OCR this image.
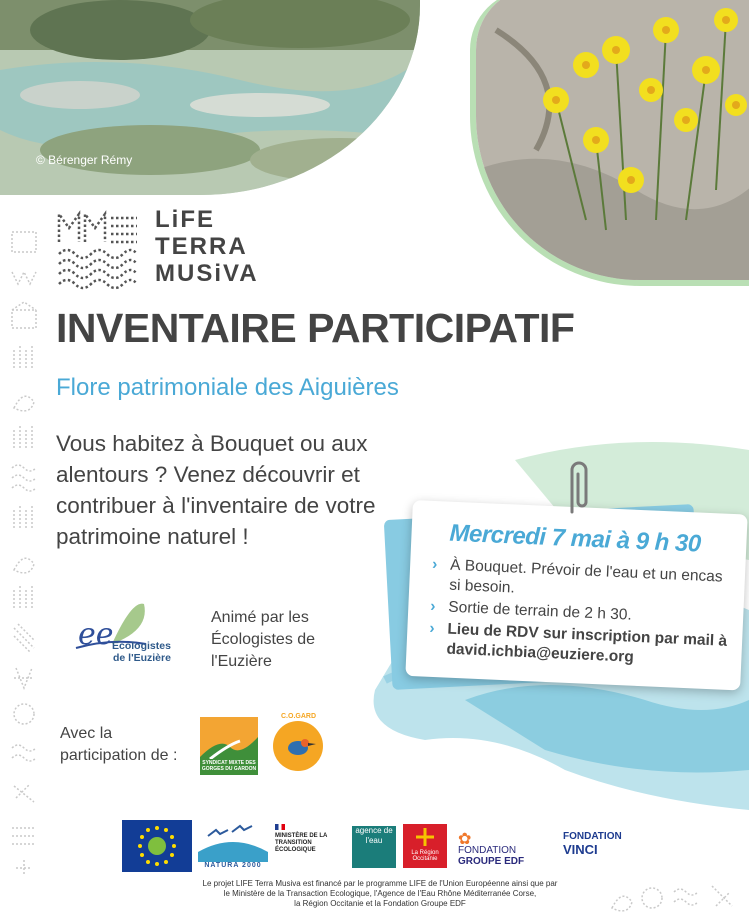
© Bérenger Rémy
LiFE
TERRA
MUSiVA
INVENTAIRE PARTICIPATIF
Flore patrimoniale des Aiguières
Vous habitez à Bouquet ou aux alentours ? Venez découvrir et contribuer à l'inventaire de votre patrimoine naturel !
ee
Ecologistes
de l'Euzière
Animé par les Écologistes de l'Euzière
Avec la participation de :	SYNDICAT MIXTE DES GORGES DU GARDON
C.O.GARD
Mercredi 7 mai à 9 h 30
› À Bouquet. Prévoir de l'eau et un encas si besoin.
› Sortie de terrain de 2 h 30.
› Lieu de RDV sur inscription par mail à david.ichbia@euziere.org
NATURA 2000
MINISTÈRE DE LA TRANSITION ÉCOLOGIQUE
agence de l'eau
La Région Occitanie
✿
FONDATION
GROUPE EDF
FONDATION
VINCI
Le projet LIFE Terra Musiva est financé par le programme LIFE de l'Union Européenne ainsi que par
le Ministère de la Transaction Ecologique, l'Agence de l'Eau Rhône Méditerranée Corse,
la Région Occitanie et la Fondation Groupe EDF
